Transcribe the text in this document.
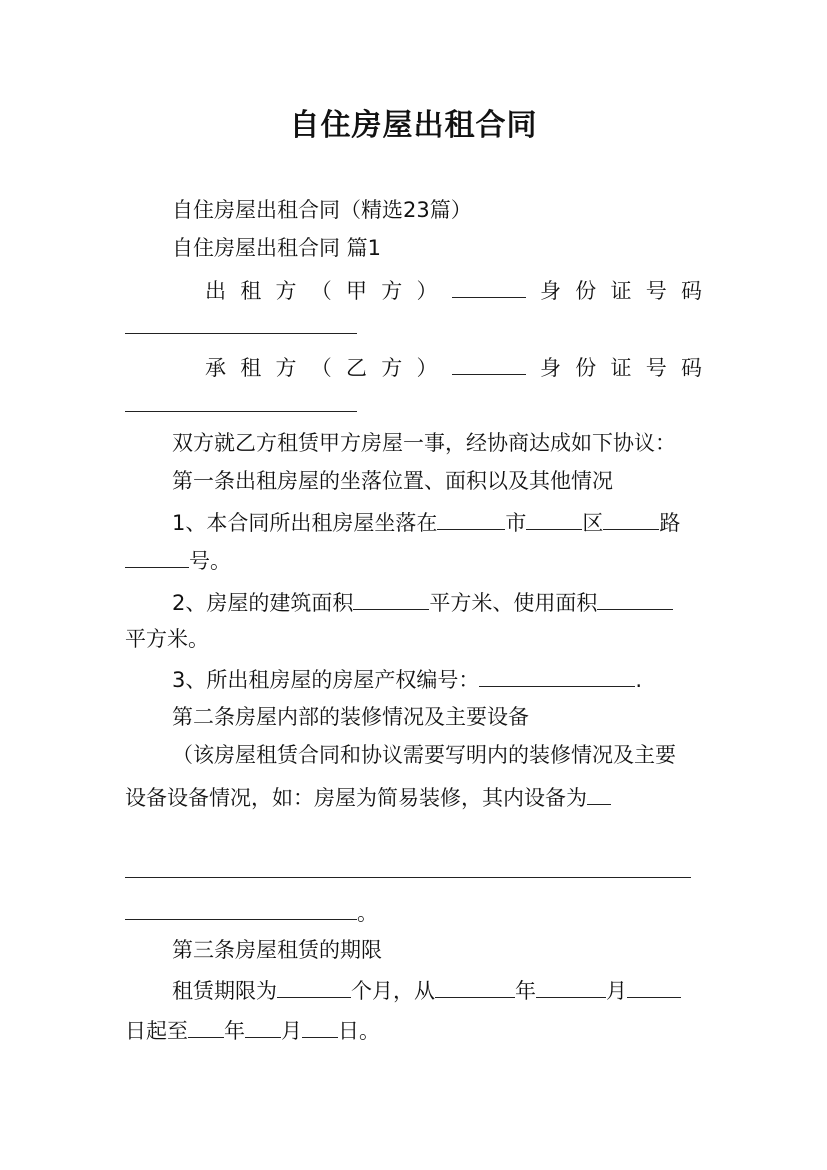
自住房屋出租合同
自住房屋出租合同（精选23篇）
自住房屋出租合同 篇1
出 租 方 （ 甲 方 ）	身 份 证 号 码
承 租 方 （ 乙 方 ）	身 份 证 号 码
双方就乙方租赁甲方房屋一事，经协商达成如下协议：
第一条出租房屋的坐落位置、面积以及其他情况
1、本合同所出租房屋坐落在	市	区	路
号。
2、房屋的建筑面积	平方米、使用面积
平方米。
3、所出租房屋的房屋产权编号：	.
第二条房屋内部的装修情况及主要设备
（该房屋租赁合同和协议需要写明内的装修情况及主要
设备设备情况，如：房屋为简易装修，其内设备为
。
第三条房屋租赁的期限
租赁期限为	个月，从	年	月
日起至 年 月 日。
